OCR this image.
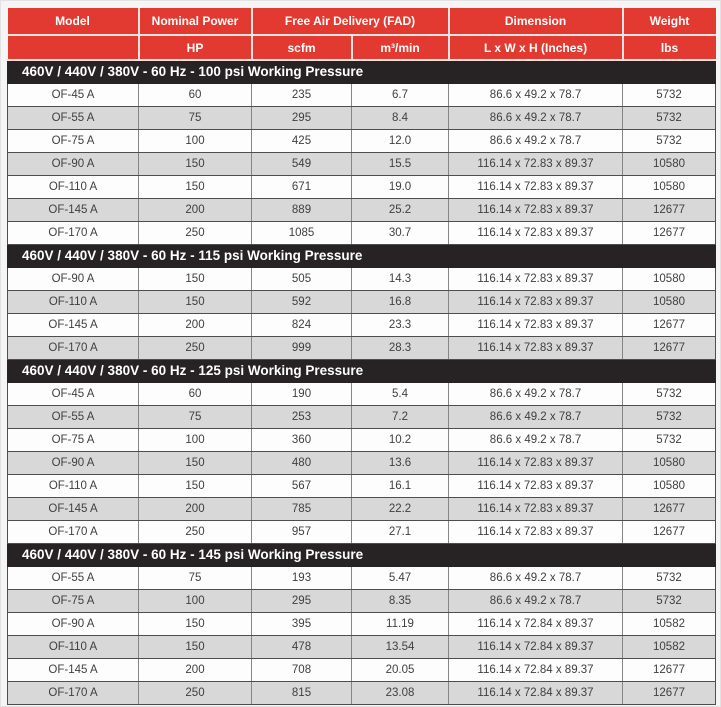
Model	Nominal Power	Free Air Delivery (FAD)		Dimension	Weight
	HP	scfm	m³/min	L x W x H (Inches)	lbs
460V / 440V / 380V - 60 Hz - 100 psi Working Pressure					
OF-45 A	60	235	6.7	86.6 x 49.2 x 78.7	5732
OF-55 A	75	295	8.4	86.6 x 49.2 x 78.7	5732
OF-75 A	100	425	12.0	86.6 x 49.2 x 78.7	5732
OF-90 A	150	549	15.5	116.14 x 72.83 x 89.37	10580
OF-110 A	150	671	19.0	116.14 x 72.83 x 89.37	10580
OF-145 A	200	889	25.2	116.14 x 72.83 x 89.37	12677
OF-170 A	250	1085	30.7	116.14 x 72.83 x 89.37	12677
460V / 440V / 380V - 60 Hz - 115 psi Working Pressure					
OF-90 A	150	505	14.3	116.14 x 72.83 x 89.37	10580
OF-110 A	150	592	16.8	116.14 x 72.83 x 89.37	10580
OF-145 A	200	824	23.3	116.14 x 72.83 x 89.37	12677
OF-170 A	250	999	28.3	116.14 x 72.83 x 89.37	12677
460V / 440V / 380V - 60 Hz - 125 psi Working Pressure					
OF-45 A	60	190	5.4	86.6 x 49.2 x 78.7	5732
OF-55 A	75	253	7.2	86.6 x 49.2 x 78.7	5732
OF-75 A	100	360	10.2	86.6 x 49.2 x 78.7	5732
OF-90 A	150	480	13.6	116.14 x 72.83 x 89.37	10580
OF-110 A	150	567	16.1	116.14 x 72.83 x 89.37	10580
OF-145 A	200	785	22.2	116.14 x 72.83 x 89.37	12677
OF-170 A	250	957	27.1	116.14 x 72.83 x 89.37	12677
460V / 440V / 380V - 60 Hz - 145 psi Working Pressure					
OF-55 A	75	193	5.47	86.6 x 49.2 x 78.7	5732
OF-75 A	100	295	8.35	86.6 x 49.2 x 78.7	5732
OF-90 A	150	395	11.19	116.14 x 72.84 x 89.37	10582
OF-110 A	150	478	13.54	116.14 x 72.84 x 89.37	10582
OF-145 A	200	708	20.05	116.14 x 72.84 x 89.37	12677
OF-170 A	250	815	23.08	116.14 x 72.84 x 89.37	12677
